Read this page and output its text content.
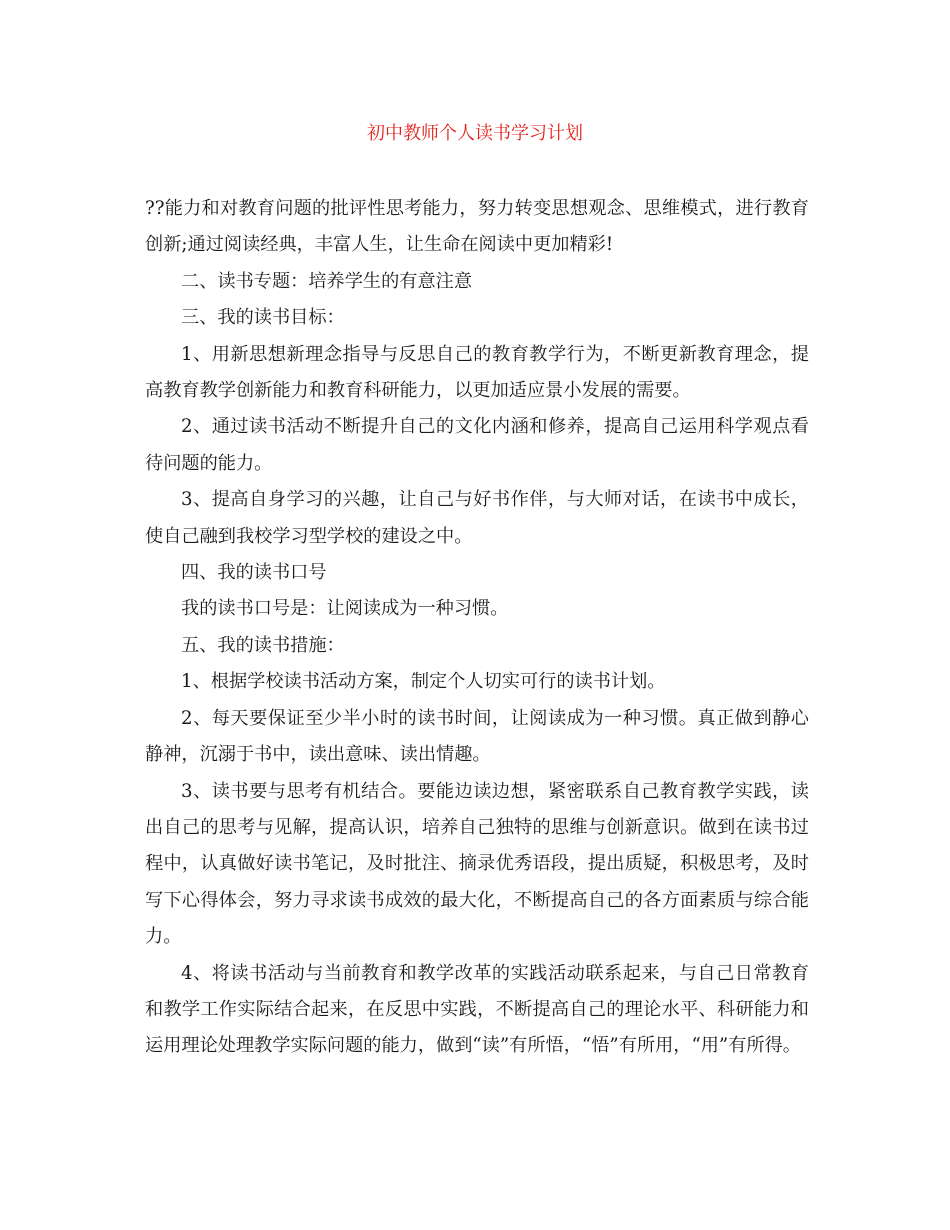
初中教师个人读书学习计划

??能力和对教育问题的批评性思考能力，努力转变思想观念、思维模式，进行教育创新;通过阅读经典，丰富人生，让生命在阅读中更加精彩!

二、读书专题：培养学生的有意注意

三、我的读书目标：

1、用新思想新理念指导与反思自己的教育教学行为，不断更新教育理念，提高教育教学创新能力和教育科研能力，以更加适应景小发展的需要。

2、通过读书活动不断提升自己的文化内涵和修养，提高自己运用科学观点看待问题的能力。

3、提高自身学习的兴趣，让自己与好书作伴，与大师对话，在读书中成长，使自己融到我校学习型学校的建设之中。

四、我的读书口号

我的读书口号是：让阅读成为一种习惯。

五、我的读书措施：

1、根据学校读书活动方案，制定个人切实可行的读书计划。

2、每天要保证至少半小时的读书时间，让阅读成为一种习惯。真正做到静心静神，沉溺于书中，读出意味、读出情趣。

3、读书要与思考有机结合。要能边读边想，紧密联系自己教育教学实践，读出自己的思考与见解，提高认识，培养自己独特的思维与创新意识。做到在读书过程中，认真做好读书笔记，及时批注、摘录优秀语段，提出质疑，积极思考，及时写下心得体会，努力寻求读书成效的最大化，不断提高自己的各方面素质与综合能力。

4、将读书活动与当前教育和教学改革的实践活动联系起来，与自己日常教育和教学工作实际结合起来，在反思中实践，不断提高自己的理论水平、科研能力和运用理论处理教学实际问题的能力，做到“读”有所悟，“悟”有所用，“用”有所得。
